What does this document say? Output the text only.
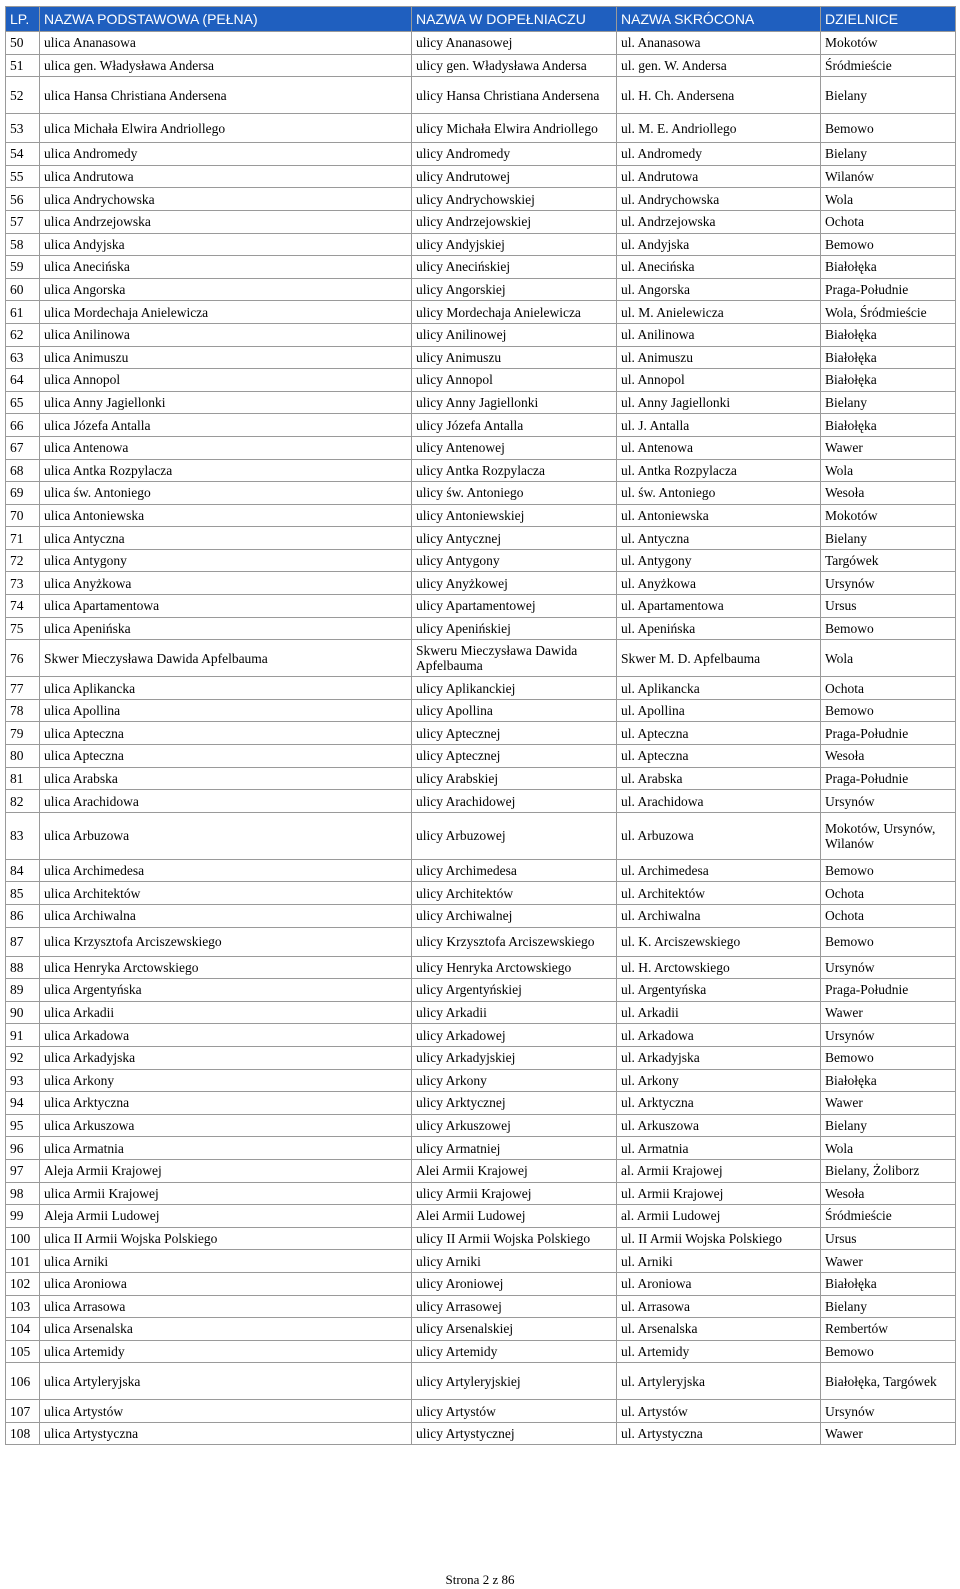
LP.	NAZWA PODSTAWOWA (PEŁNA)	NAZWA W DOPEŁNIACZU	NAZWA SKRÓCONA	DZIELNICE
50	ulica Ananasowa	ulicy Ananasowej	ul. Ananasowa	Mokotów
51	ulica gen. Władysława Andersa	ulicy gen. Władysława Andersa	ul. gen. W. Andersa	Śródmieście
52	ulica Hansa Christiana Andersena	ulicy Hansa Christiana Andersena	ul. H. Ch. Andersena	Bielany
53	ulica Michała Elwira Andriollego	ulicy Michała Elwira Andriollego	ul. M. E. Andriollego	Bemowo
54	ulica Andromedy	ulicy Andromedy	ul. Andromedy	Bielany
55	ulica Andrutowa	ulicy Andrutowej	ul. Andrutowa	Wilanów
56	ulica Andrychowska	ulicy Andrychowskiej	ul. Andrychowska	Wola
57	ulica Andrzejowska	ulicy Andrzejowskiej	ul. Andrzejowska	Ochota
58	ulica Andyjska	ulicy Andyjskiej	ul. Andyjska	Bemowo
59	ulica Anecińska	ulicy Anecińskiej	ul. Anecińska	Białołęka
60	ulica Angorska	ulicy Angorskiej	ul. Angorska	Praga-Południe
61	ulica Mordechaja Anielewicza	ulicy Mordechaja Anielewicza	ul. M. Anielewicza	Wola, Śródmieście
62	ulica Anilinowa	ulicy Anilinowej	ul. Anilinowa	Białołęka
63	ulica Animuszu	ulicy Animuszu	ul. Animuszu	Białołęka
64	ulica Annopol	ulicy Annopol	ul. Annopol	Białołęka
65	ulica Anny Jagiellonki	ulicy Anny Jagiellonki	ul. Anny Jagiellonki	Bielany
66	ulica Józefa Antalla	ulicy Józefa Antalla	ul. J. Antalla	Białołęka
67	ulica Antenowa	ulicy Antenowej	ul. Antenowa	Wawer
68	ulica Antka Rozpylacza	ulicy Antka Rozpylacza	ul. Antka Rozpylacza	Wola
69	ulica św. Antoniego	ulicy św. Antoniego	ul. św. Antoniego	Wesoła
70	ulica Antoniewska	ulicy Antoniewskiej	ul. Antoniewska	Mokotów
71	ulica Antyczna	ulicy Antycznej	ul. Antyczna	Bielany
72	ulica Antygony	ulicy Antygony	ul. Antygony	Targówek
73	ulica Anyżkowa	ulicy Anyżkowej	ul. Anyżkowa	Ursynów
74	ulica Apartamentowa	ulicy Apartamentowej	ul. Apartamentowa	Ursus
75	ulica Apenińska	ulicy Apenińskiej	ul. Apenińska	Bemowo
76	Skwer Mieczysława Dawida Apfelbauma	Skweru Mieczysława Dawida Apfelbauma	Skwer M. D. Apfelbauma	Wola
77	ulica Aplikancka	ulicy Aplikanckiej	ul. Aplikancka	Ochota
78	ulica Apollina	ulicy Apollina	ul. Apollina	Bemowo
79	ulica Apteczna	ulicy Aptecznej	ul. Apteczna	Praga-Południe
80	ulica Apteczna	ulicy Aptecznej	ul. Apteczna	Wesoła
81	ulica Arabska	ulicy Arabskiej	ul. Arabska	Praga-Południe
82	ulica Arachidowa	ulicy Arachidowej	ul. Arachidowa	Ursynów
83	ulica Arbuzowa	ulicy Arbuzowej	ul. Arbuzowa	Mokotów, Ursynów, Wilanów
84	ulica Archimedesa	ulicy Archimedesa	ul. Archimedesa	Bemowo
85	ulica Architektów	ulicy Architektów	ul. Architektów	Ochota
86	ulica Archiwalna	ulicy Archiwalnej	ul. Archiwalna	Ochota
87	ulica Krzysztofa Arciszewskiego	ulicy Krzysztofa Arciszewskiego	ul. K. Arciszewskiego	Bemowo
88	ulica Henryka Arctowskiego	ulicy Henryka Arctowskiego	ul. H. Arctowskiego	Ursynów
89	ulica Argentyńska	ulicy Argentyńskiej	ul. Argentyńska	Praga-Południe
90	ulica Arkadii	ulicy Arkadii	ul. Arkadii	Wawer
91	ulica Arkadowa	ulicy Arkadowej	ul. Arkadowa	Ursynów
92	ulica Arkadyjska	ulicy Arkadyjskiej	ul. Arkadyjska	Bemowo
93	ulica Arkony	ulicy Arkony	ul. Arkony	Białołęka
94	ulica Arktyczna	ulicy Arktycznej	ul. Arktyczna	Wawer
95	ulica Arkuszowa	ulicy Arkuszowej	ul. Arkuszowa	Bielany
96	ulica Armatnia	ulicy Armatniej	ul. Armatnia	Wola
97	Aleja Armii Krajowej	Alei Armii Krajowej	al. Armii Krajowej	Bielany, Żoliborz
98	ulica Armii Krajowej	ulicy Armii Krajowej	ul. Armii Krajowej	Wesoła
99	Aleja Armii Ludowej	Alei Armii Ludowej	al. Armii Ludowej	Śródmieście
100	ulica II Armii Wojska Polskiego	ulicy II Armii Wojska Polskiego	ul. II Armii Wojska Polskiego	Ursus
101	ulica Arniki	ulicy Arniki	ul. Arniki	Wawer
102	ulica Aroniowa	ulicy Aroniowej	ul. Aroniowa	Białołęka
103	ulica Arrasowa	ulicy Arrasowej	ul. Arrasowa	Bielany
104	ulica Arsenalska	ulicy Arsenalskiej	ul. Arsenalska	Rembertów
105	ulica Artemidy	ulicy Artemidy	ul. Artemidy	Bemowo
106	ulica Artyleryjska	ulicy Artyleryjskiej	ul. Artyleryjska	Białołęka, Targówek
107	ulica Artystów	ulicy Artystów	ul. Artystów	Ursynów
108	ulica Artystyczna	ulicy Artystycznej	ul. Artystyczna	Wawer
Strona 2 z 86
